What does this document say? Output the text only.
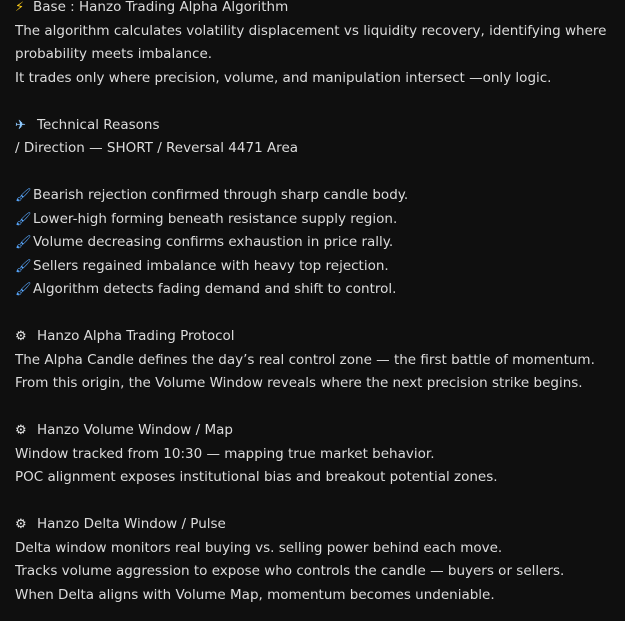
⚡ Base : Hanzo Trading Alpha Algorithm
The algorithm calculates volatility displacement vs liquidity recovery, identifying where
probability meets imbalance.
It trades only where precision, volume, and manipulation intersect —only logic.
✈ Technical Reasons
/ Direction — SHORT / Reversal 4471 Area
🖌Bearish rejection confirmed through sharp candle body.
🖌Lower-high forming beneath resistance supply region.
🖌Volume decreasing confirms exhaustion in price rally.
🖌Sellers regained imbalance with heavy top rejection.
🖌Algorithm detects fading demand and shift to control.
⚙ Hanzo Alpha Trading Protocol
The Alpha Candle defines the day’s real control zone — the first battle of momentum.
From this origin, the Volume Window reveals where the next precision strike begins.
⚙ Hanzo Volume Window / Map
Window tracked from 10:30 — mapping true market behavior.
POC alignment exposes institutional bias and breakout potential zones.
⚙ Hanzo Delta Window / Pulse
Delta window monitors real buying vs. selling power behind each move.
Tracks volume aggression to expose who controls the candle — buyers or sellers.
When Delta aligns with Volume Map, momentum becomes undeniable.
